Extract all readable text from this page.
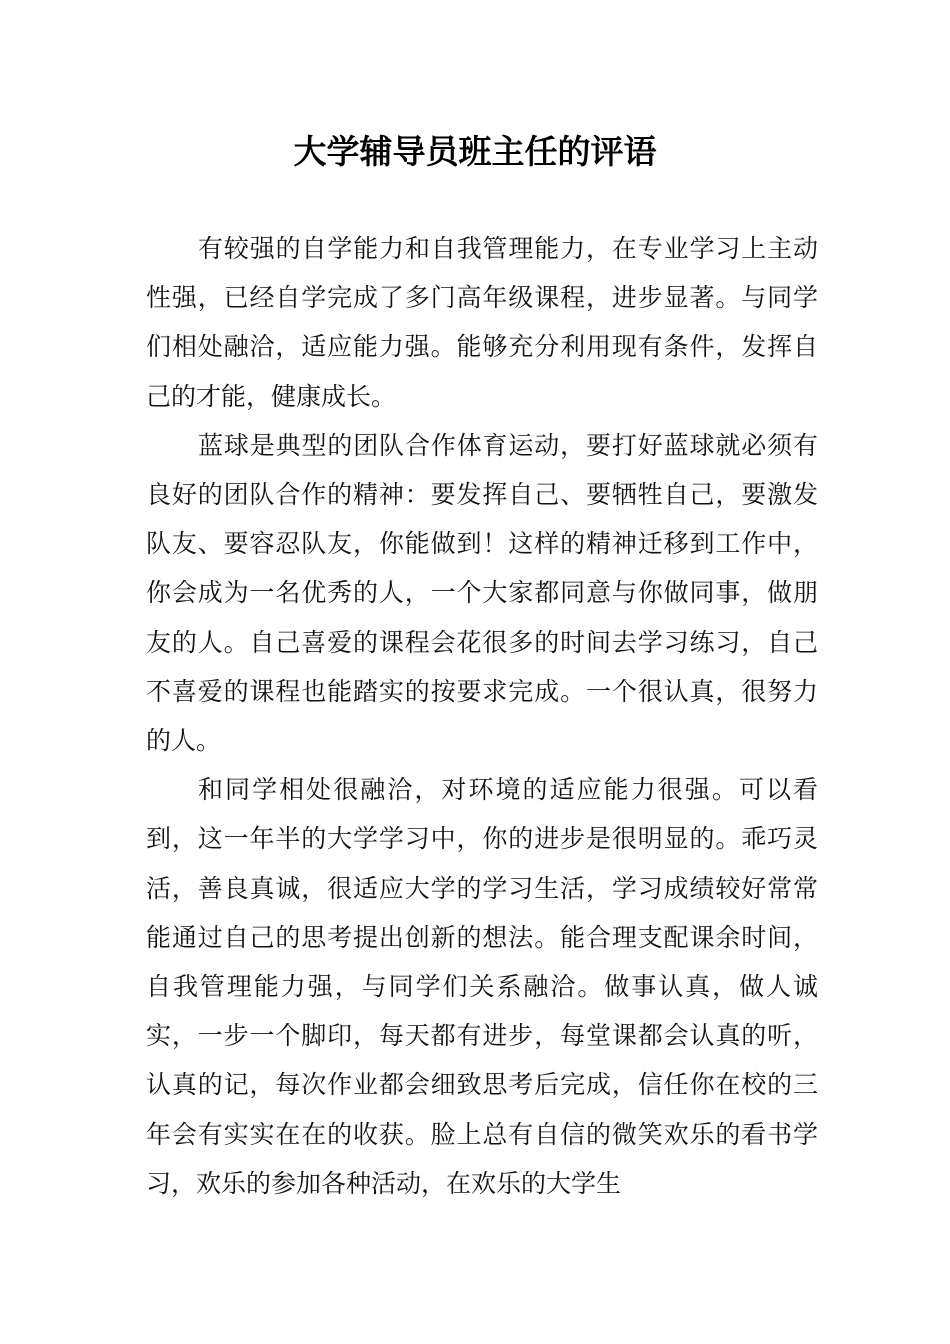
大学辅导员班主任的评语

有较强的自学能力和自我管理能力，在专业学习上主动性强，已经自学完成了多门高年级课程，进步显著。与同学们相处融洽，适应能力强。能够充分利用现有条件，发挥自己的才能，健康成长。

蓝球是典型的团队合作体育运动，要打好蓝球就必须有良好的团队合作的精神：要发挥自己、要牺牲自己，要激发队友、要容忍队友，你能做到！这样的精神迁移到工作中，你会成为一名优秀的人，一个大家都同意与你做同事，做朋友的人。自己喜爱的课程会花很多的时间去学习练习，自己不喜爱的课程也能踏实的按要求完成。一个很认真，很努力的人。

和同学相处很融洽，对环境的适应能力很强。可以看到，这一年半的大学学习中，你的进步是很明显的。乖巧灵活，善良真诚，很适应大学的学习生活，学习成绩较好常常能通过自己的思考提出创新的想法。能合理支配课余时间，自我管理能力强，与同学们关系融洽。做事认真，做人诚实，一步一个脚印，每天都有进步，每堂课都会认真的听，认真的记，每次作业都会细致思考后完成，信任你在校的三年会有实实在在的收获。脸上总有自信的微笑欢乐的看书学习，欢乐的参加各种活动，在欢乐的大学生
